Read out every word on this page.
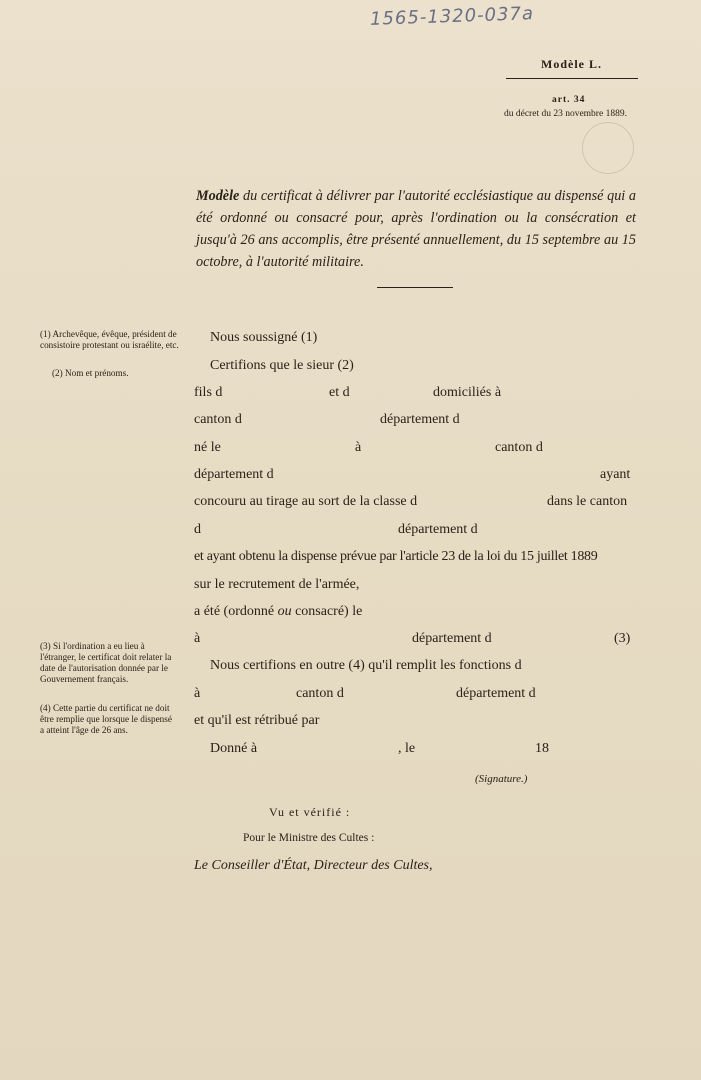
1565-1320-037a
Modèle L.
art. 34
du décret du 23 novembre 1889.
Modèle du certificat à délivrer par l'autorité ecclésiastique au dispensé qui a été ordonné ou consacré pour, après l'ordination ou la consécration et jusqu'à 26 ans accomplis, être présenté annuellement, du 15 septembre au 15 octobre, à l'autorité militaire.
(1) Archevêque, évêque, président de consistoire protestant ou israélite, etc.
(2) Nom et prénoms.
(3) Si l'ordination a eu lieu à l'étranger, le certificat doit relater la date de l'autorisation donnée par le Gouvernement français.
(4) Cette partie du certificat ne doit être remplie que lorsque le dispensé a atteint l'âge de 26 ans.
Nous soussigné (1)
Certifions que le sieur (2)
fils d	et d	domiciliés à
canton d	département d
né le	à	canton d
département d	ayant
concouru au tirage au sort de la classe d	dans le canton
d	département d
et ayant obtenu la dispense prévue par l'article 23 de la loi du 15 juillet 1889
sur le recrutement de l'armée,
a été (ordonné ou consacré) le
à	département d	(3)
Nous certifions en outre (4) qu'il remplit les fonctions d
à	canton d	département d
et qu'il est rétribué par
Donné à	, le	18
(Signature.)
Vu et vérifié :
Pour le Ministre des Cultes :
Le Conseiller d'État, Directeur des Cultes,
